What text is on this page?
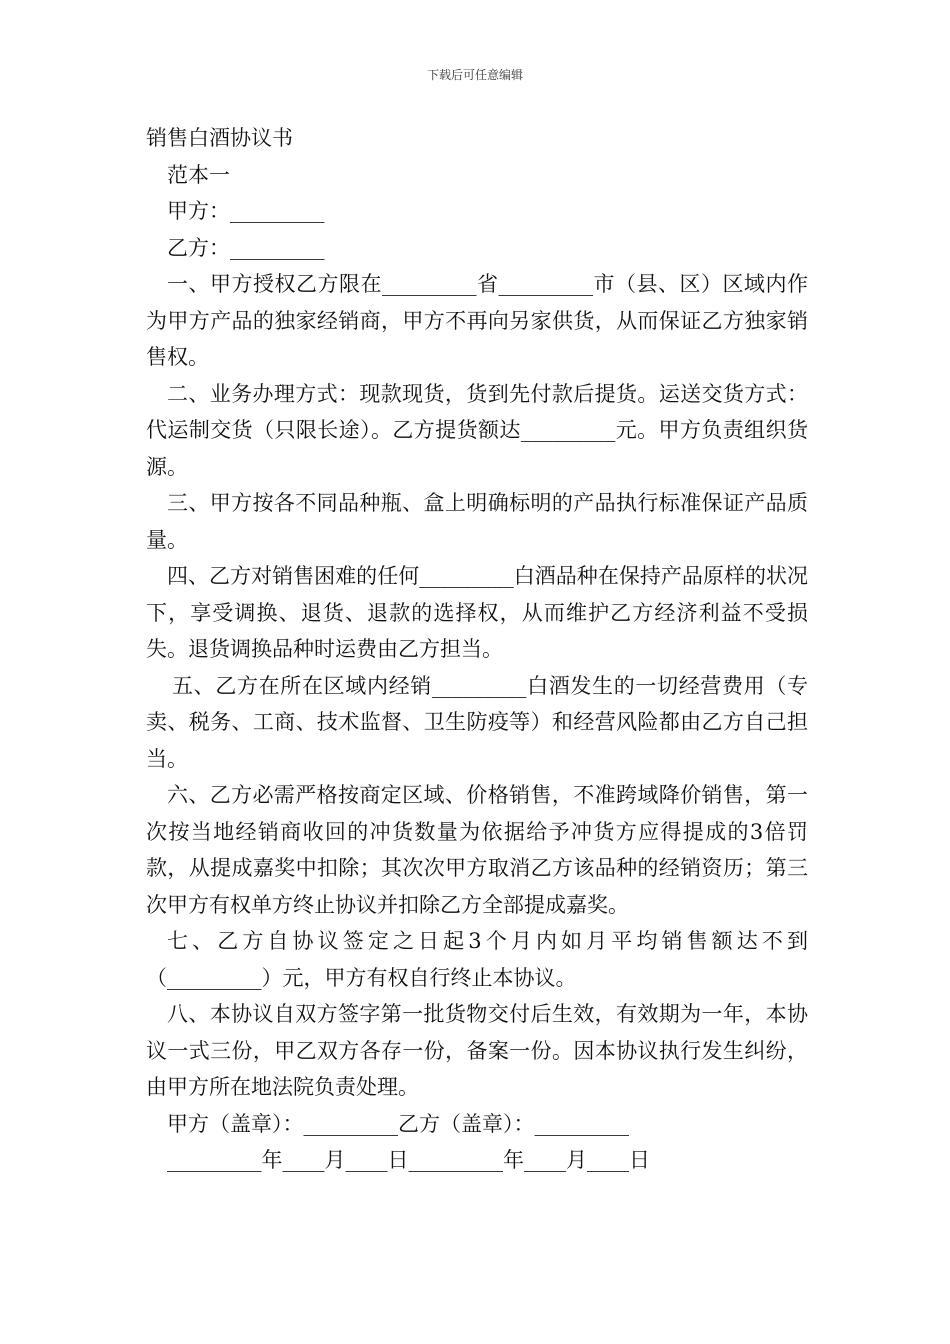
下载后可任意编辑
销售白酒协议书

范本一

甲方：_________

乙方：_________

一、甲方授权乙方限在_________省_________市（县、区）区域内作为甲方产品的独家经销商，甲方不再向另家供货，从而保证乙方独家销售权。

二、业务办理方式：现款现货，货到先付款后提货。运送交货方式：代运制交货（只限长途）。乙方提货额达_________元。甲方负责组织货源。

三、甲方按各不同品种瓶、盒上明确标明的产品执行标准保证产品质量。

四、乙方对销售困难的任何_________白酒品种在保持产品原样的状况下，享受调换、退货、退款的选择权，从而维护乙方经济利益不受损失。退货调换品种时运费由乙方担当。

五、乙方在所在区域内经销_________白酒发生的一切经营费用（专卖、税务、工商、技术监督、卫生防疫等）和经营风险都由乙方自己担当。

六、乙方必需严格按商定区域、价格销售，不准跨域降价销售，第一次按当地经销商收回的冲货数量为依据给予冲货方应得提成的3倍罚款，从提成嘉奖中扣除；其次次甲方取消乙方该品种的经销资历；第三次甲方有权单方终止协议并扣除乙方全部提成嘉奖。

七、乙方自协议签定之日起3个月内如月平均销售额达不到（_________）元，甲方有权自行终止本协议。

八、本协议自双方签字第一批货物交付后生效，有效期为一年，本协议一式三份，甲乙双方各存一份，备案一份。因本协议执行发生纠纷，由甲方所在地法院负责处理。

甲方（盖章）：_________乙方（盖章）：_________

_________年____月____日_________年____月____日
